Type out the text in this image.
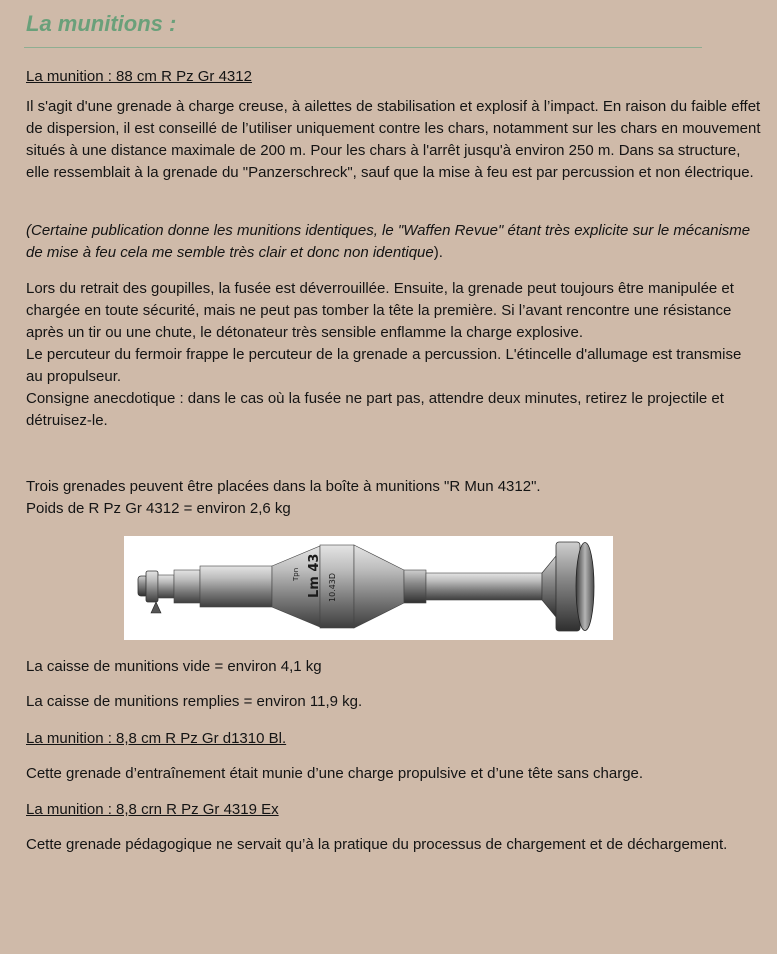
La munitions :

La munition : 88 cm R Pz Gr 4312

Il s'agit d'une grenade à charge creuse, à ailettes de stabilisation et explosif à l’impact. En raison du faible effet de dispersion, il est conseillé de l’utiliser uniquement contre les chars, notamment sur les chars en mouvement situés à une distance maximale de 200 m. Pour les chars à l'arrêt jusqu'à environ 250 m. Dans sa structure, elle ressemblait à la grenade du "Panzerschreck", sauf que la mise à feu est par percussion et non électrique.

(Certaine publication donne les munitions identiques, le "Waffen Revue" étant très explicite sur le mécanisme de mise à feu cela me semble très clair et donc non identique).

Lors du retrait des goupilles, la fusée est déverrouillée. Ensuite, la grenade peut toujours être manipulée et chargée en toute sécurité, mais ne peut pas tomber la tête la première. Si l’avant rencontre une résistance après un tir ou une chute, le détonateur très sensible enflamme la charge explosive.
Le percuteur du fermoir frappe le percuteur de la grenade a percussion. L'étincelle d'allumage est transmise au propulseur.
Consigne anecdotique : dans le cas où la fusée ne part pas, attendre deux minutes, retirez le projectile et détruisez-le.
Trois grenades peuvent être placées dans la boîte à munitions "R Mun 4312".
Poids de R Pz Gr 4312 = environ 2,6 kg

La caisse de munitions vide = environ 4,1 kg

La caisse de munitions remplies = environ 11,9 kg.

La munition : 8,8 cm R Pz Gr d1310 Bl.

Cette grenade d’entraînement était munie d’une charge propulsive et d’une tête sans charge.

La munition : 8,8 crn R Pz Gr 4319 Ex

Cette grenade pédagogique ne servait qu’à la pratique du processus de chargement et de déchargement.

Tpn Lm 43 10.43D
